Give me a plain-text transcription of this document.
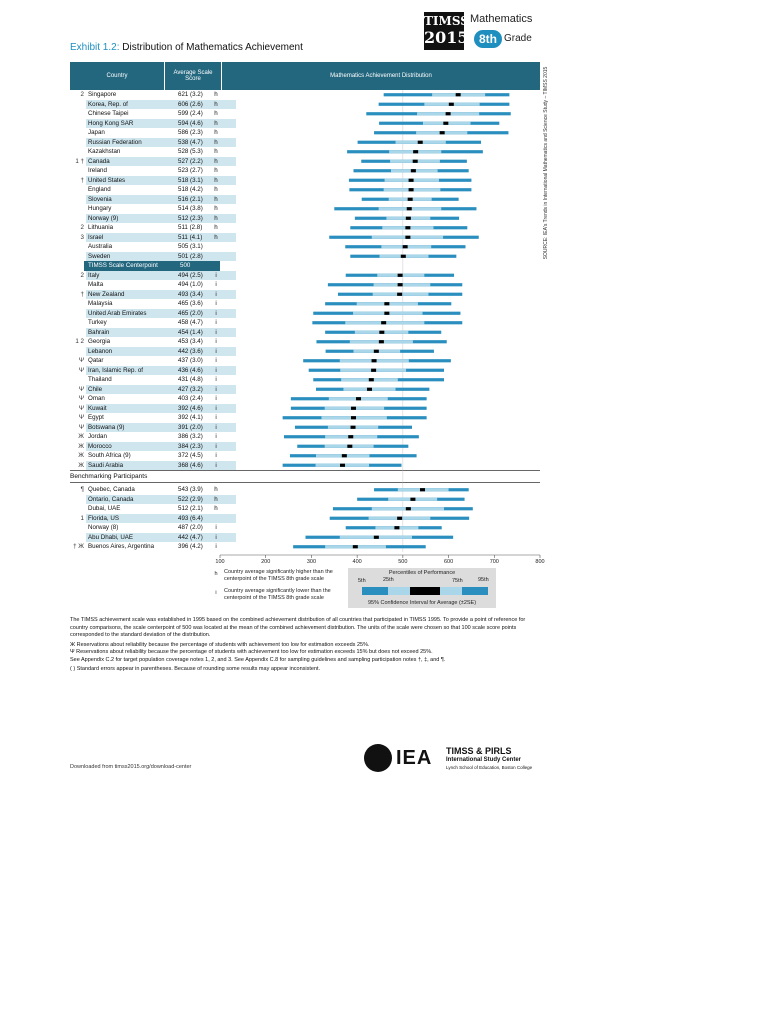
Exhibit 1.2: Distribution of Mathematics Achievement
TIMSS
2015
Mathematics
8th Grade
SOURCE: IEA's Trends in International Mathematics and Science Study – TIMSS 2015
Country	Average Scale Score	Mathematics Achievement Distribution
2 Singapore	621 (3.2)	h
Korea, Rep. of	606 (2.6)	h
Chinese Taipei	599 (2.4)	h
Hong Kong SAR	594 (4.6)	h
Japan	586 (2.3)	h
Russian Federation	538 (4.7)	h
Kazakhstan	528 (5.3)	h
1 † Canada	527 (2.2)	h
Ireland	523 (2.7)	h
† United States	518 (3.1)	h
England	518 (4.2)	h
Slovenia	516 (2.1)	h
Hungary	514 (3.8)	h
Norway (9)	512 (2.3)	h
2 Lithuania	511 (2.8)	h
3 Israel	511 (4.1)	h
Australia	505 (3.1)
Sweden	501 (2.8)
TIMSS Scale Centerpoint	500
2 Italy	494 (2.5)	i
Malta	494 (1.0)	i
† New Zealand	493 (3.4)	i
Malaysia	465 (3.6)	i
United Arab Emirates	465 (2.0)	i
Turkey	458 (4.7)	i
Bahrain	454 (1.4)	i
1 2 Georgia	453 (3.4)	i
Lebanon	442 (3.6)	i
Ψ Qatar	437 (3.0)	i
Ψ Iran, Islamic Rep. of	436 (4.6)	i
Thailand	431 (4.8)	i
Ψ Chile	427 (3.2)	i
Ψ Oman	403 (2.4)	i
Ψ Kuwait	392 (4.6)	i
Ψ Egypt	392 (4.1)	i
Ψ Botswana (9)	391 (2.0)	i
Ж Jordan	386 (3.2)	i
Ж Morocco	384 (2.3)	i
Ж South Africa (9)	372 (4.5)	i
Ж Saudi Arabia	368 (4.6)	i
Benchmarking Participants
¶ Quebec, Canada	543 (3.9)	h
Ontario, Canada	522 (2.9)	h
Dubai, UAE	512 (2.1)	h
1 Florida, US	493 (6.4)
Norway (8)	487 (2.0)	i
Abu Dhabi, UAE	442 (4.7)	i
† Ж Buenos Aires, Argentina	396 (4.2)	i
100	200	300	400	500	600	700	800
h	Country average significantly higher than the centerpoint of the TIMSS 8th grade scale
i	Country average significantly lower than the centerpoint of the TIMSS 8th grade scale
Percentiles of Performance
5th	25th	75th	95th
95% Confidence Interval for Average (±2SE)

The TIMSS achievement scale was established in 1995 based on the combined achievement distribution of all countries that participated in TIMSS 1995. To provide a point of reference for country comparisons, the scale centerpoint of 500 was located at the mean of the combined achievement distribution. The units of the scale were chosen so that 100 scale score points corresponded to the standard deviation of the distribution.

Ж Reservations about reliability because the percentage of students with achievement too low for estimation exceeds 25%.

Ψ Reservations about reliability because the percentage of students with achievement too low for estimation exceeds 15% but does not exceed 25%.

See Appendix C.2 for target population coverage notes 1, 2, and 3. See Appendix C.8 for sampling guidelines and sampling participation notes †, ‡, and ¶.

( ) Standard errors appear in parentheses. Because of rounding some results may appear inconsistent.

Downloaded from timss2015.org/download-center	IEA TIMSS & PIRLS
International Study Center
Lynch School of Education, Boston College
